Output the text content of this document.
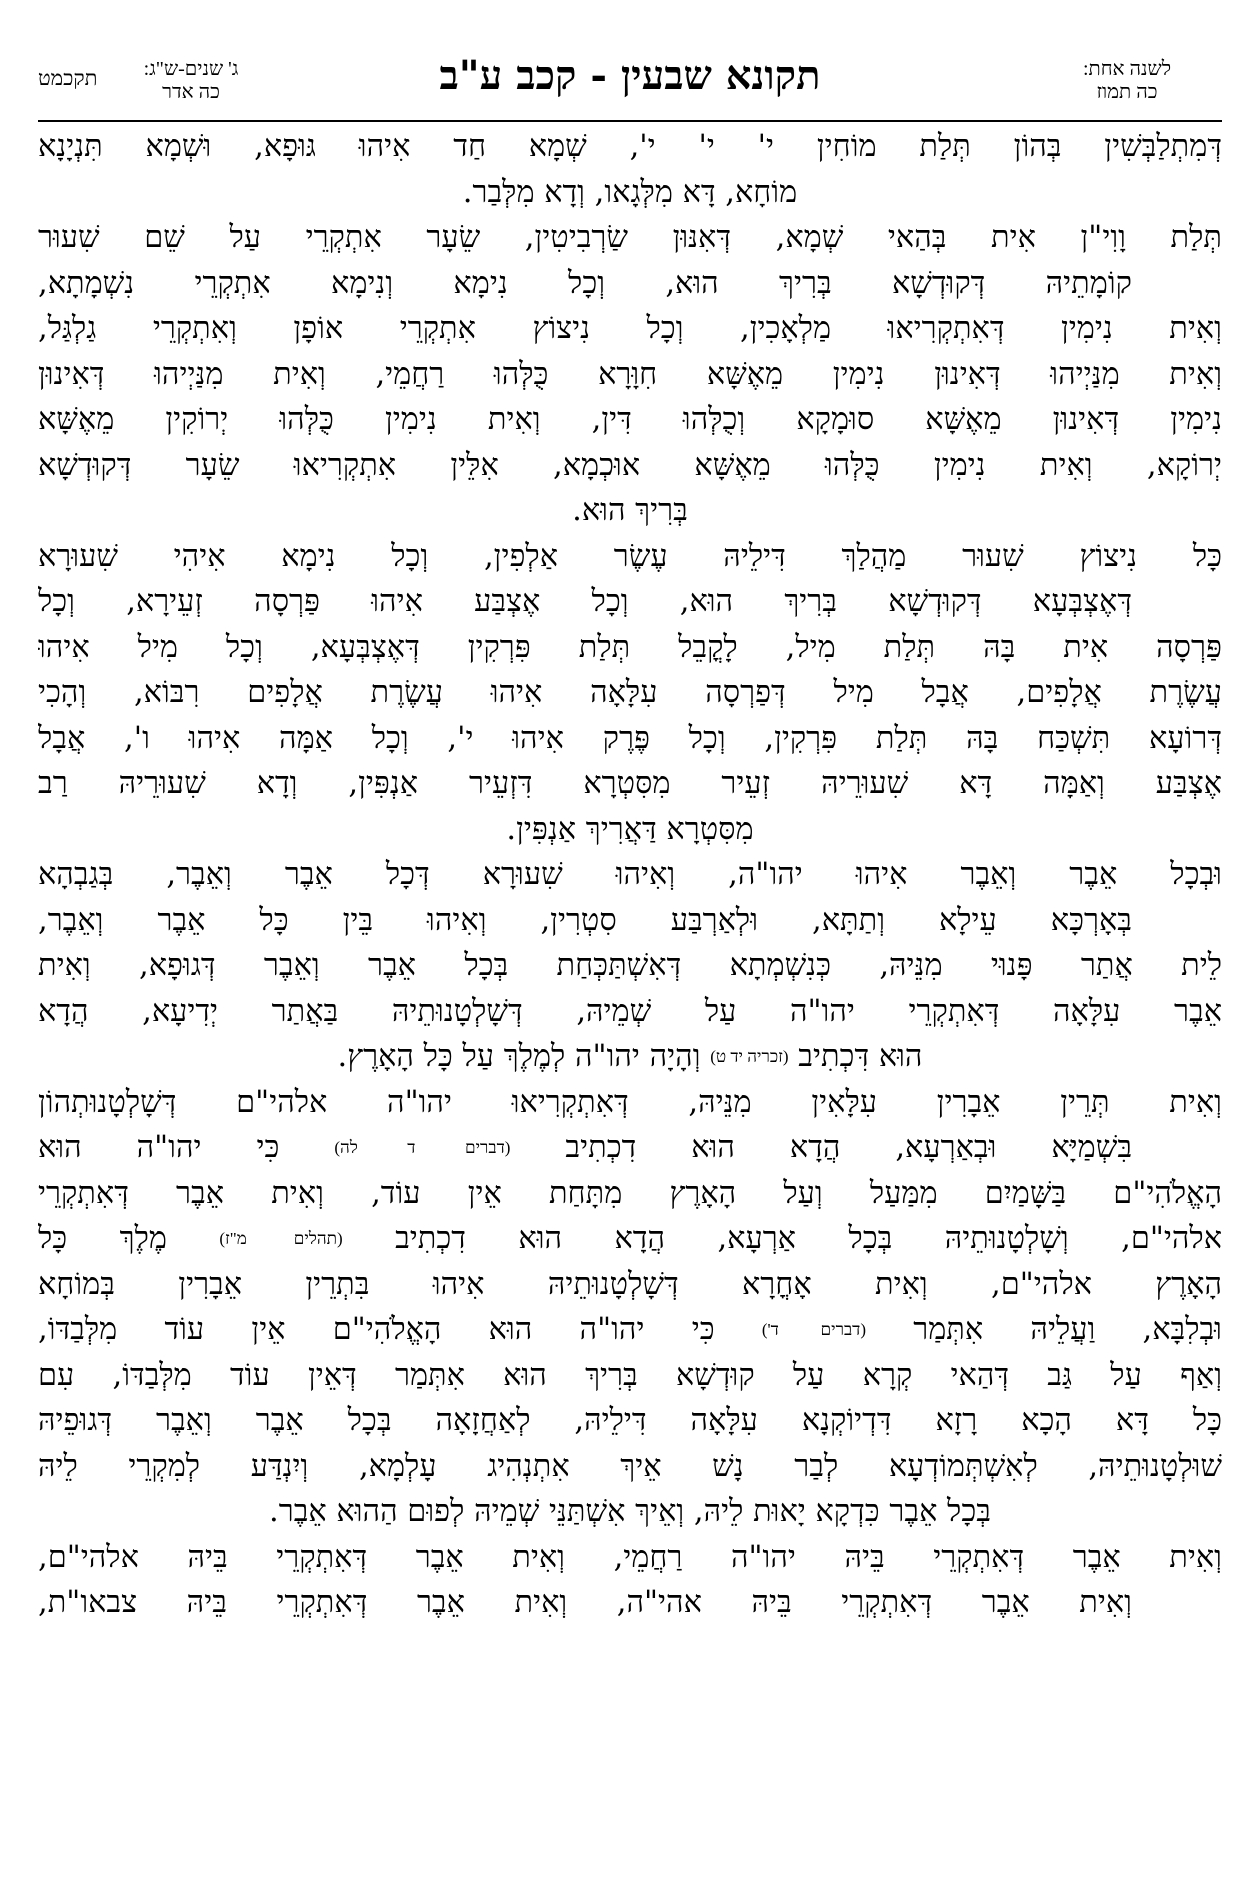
לשנה אחת:
כה תמוז
תקונא שבעין - קכב ע"ב
ג' שנים-ש"ג:
כה אדר
תקכמט
דְּמִתְלַבְּשִׁין בְּהוֹן תְּלַת מוֹחִין י' י' י', שְׁמָא חַד אִיהוּ גּוּפָא, וּשְׁמָא תִּנְיָנָא
מוֹחָא, דָּא מִלְּגָאו, וְדָא מִלְּבַר.
תְּלַת וָוִי"ן אִית בְּהַאי שְׁמָא, דְּאִנּוּן שַׂרְבִיטִין, שֵׂעָר אִתְקְרֵי עַל שֵׁם שִׁעוּר
קוֹמָתֵיהּ דְּקוּדְשָׁא בְּרִיךְ הוּא, וְכָל נִימָא וְנִימָא אִתְקְרֵי נִשְׁמָתָא,
וְאִית נִימִין דְּאִתְקְרִיאוּ מַלְאָכִין, וְכָל נִיצוֹץ אִתְקְרֵי אוֹפָן וְאִתְקְרֵי גַלְגַּל,
וְאִית מִנַּיְיהוּ דְּאִינוּן נִימִין מֵאֶשָּׁא חִוָּרָא כֻּלְּהוּ רַחֲמֵי, וְאִית מִנַּיְיהוּ דְּאִינוּן
נִימִין דְּאִינוּן מֵאֶשָּׁא סוּמָקָא וְכֻלְּהוּ דִּין, וְאִית נִימִין כֻּלְּהוּ יְרוֹקִין מֵאֶשָּׁא
יְרוֹקָא, וְאִית נִימִין כֻּלְּהוּ מֵאֶשָּׁא אוּכְמָא, אִלֵּין אִתְקְרִיאוּ שֵׂעָר דְּקוּדְשָׁא
בְּרִיךְ הוּא.
כָּל נִיצוֹץ שִׁעוּר מַהֲלַךְ דִּילֵיהּ עֶשֶׂר אַלְפִין, וְכָל נִימָא אִיהִי שִׁעוּרָא
דְּאֶצְבְּעָא דְּקוּדְשָׁא בְּרִיךְ הוּא, וְכָל אֶצְבַּע אִיהוּ פַּרְסָה זְעֵירָא, וְכָל
פַּרְסָה אִית בָּהּ תְּלַת מִיל, לָקֳבֵל תְּלַת פִּרְקִין דְּאֶצְבְּעָא, וְכָל מִיל אִיהוּ
עֲשֶׂרֶת אֲלָפִים, אֲבָל מִיל דְּפַרְסָה עִלָּאָה אִיהוּ עֲשֶׂרֶת אֲלָפִים רִבּוֹא, וְהָכִי
דְּרוֹעָא תִּשְׁכַּח בָּהּ תְּלַת פִּרְקִין, וְכָל פֶּרֶק אִיהוּ י', וְכָל אַמָּה אִיהוּ ו', אֲבָל
אֶצְבַּע וְאַמָּה דָּא שִׁעוּרֵיהּ זְעֵיר מִסִּטְרָא דִּזְעֵיר אַנְפִּין, וְדָא שִׁעוּרֵיהּ רַב
מִסִּטְרָא דַּאֲרִיךְ אַנְפִּין.
וּבְכָל אֵבֶר וְאֵבֶר אִיהוּ יהו"ה, וְאִיהוּ שִׁעוּרָא דְּכָל אֵבֶר וְאֵבֶר, בְּגַבְהָא
בְּאָרְכָּא עֵילָא וְתַתָּא, וּלְאַרְבַּע סִטְרִין, וְאִיהוּ בֵּין כָּל אֵבֶר וְאֵבֶר,
לֵית אֲתַר פָּנוּי מִנֵּיהּ, כְּנִשְׁמְתָא דְּאִשְׁתַּכְּחַת בְּכָל אֵבֶר וְאֵבֶר דְּגוּפָא, וְאִית
אֵבֶר עִלָּאָה דְּאִתְקְרֵי יהו"ה עַל שְׁמֵיהּ, דְּשָׁלְטָנוּתֵיהּ בַּאֲתַר יְדִיעָא, הֲדָא
הוּא דִּכְתִיב (זכריה יד ט) וְהָיָה יהו"ה לְמֶלֶךְ עַל כָּל הָאָרֶץ.
וְאִית תְּרֵין אֵבָרִין עִלָּאִין מִנֵּיהּ, דְּאִתְקְרִיאוּ יהו"ה אלהי"ם דְּשָׁלְטָנוּתְהוֹן
בִּשְׁמַיָּא וּבְאַרְעָא, הֲדָא הוּא דִכְתִיב (דברים ד לה) כִּי יהו"ה הוּא
הָאֱלֹהִי"ם בַּשָּׁמַיִם מִמַּעַל וְעַל הָאָרֶץ מִתָּחַת אֵין עוֹד, וְאִית אֵבֶר דְּאִתְקְרֵי
אלהי"ם, וְשָׁלְטָנוּתֵיהּ בְּכָל אַרְעָא, הֲדָא הוּא דִכְתִיב (תהלים מ"ז) מֶלֶךְ כָּל
הָאָרֶץ אלהי"ם, וְאִית אָחֳרָא דְּשָׁלְטָנוּתֵיהּ אִיהוּ בִּתְרֵין אֵבָרִין בְּמוֹחָא
וּבְלִבָּא, וַעֲלֵיהּ אִתְּמַר (דברים ד') כִּי יהו"ה הוּא הָאֱלֹהִי"ם אֵין עוֹד מִלְּבַדּוֹ,
וְאַף עַל גַּב דְּהַאי קְרָא עַל קוּדְשָׁא בְּרִיךְ הוּא אִתְּמַר דְּאֵין עוֹד מִלְּבַדּוֹ, עִם
כָּל דָּא הָכָא רָזָא דִּדְיוֹקְנָא עִלָּאָה דִּילֵיהּ, לְאַחֲזָאָה בְּכָל אֵבֶר וְאֵבֶר דְּגוּפֵיהּ
שׁוּלְטָנוּתֵיהּ, לְאִשְׁתְּמוֹדְעָא לְבַר נָשׁ אֵיךְ אִתְנְהִיג עָלְמָא, וְיִנְדַּע לְמִקְרֵי לֵיהּ
בְּכָל אֵבֶר כִּדְקָא יָאוּת לֵיהּ, וְאֵיךְ אִשְׁתַּנֵּי שְׁמֵיהּ לְפוּם הַהוּא אֵבֶר.
וְאִית אֵבֶר דְּאִתְקְרֵי בֵּיהּ יהו"ה רַחֲמֵי, וְאִית אֵבֶר דְּאִתְקְרֵי בֵּיהּ אלהי"ם,
וְאִית אֵבֶר דְּאִתְקְרֵי בֵּיהּ אהי"ה, וְאִית אֵבֶר דְּאִתְקְרֵי בֵּיהּ צבאו"ת,
